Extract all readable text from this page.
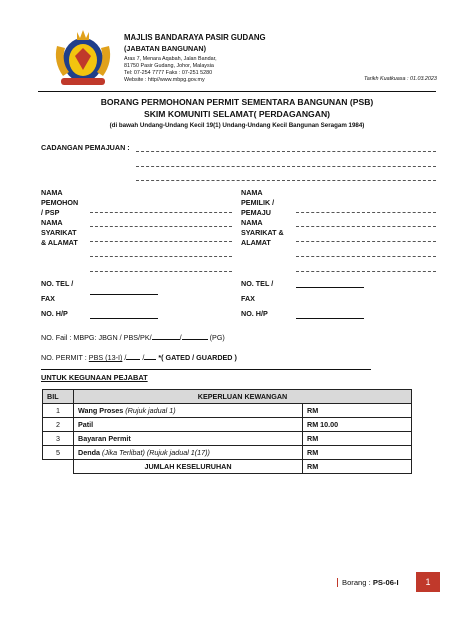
MAJLIS BANDARAYA PASIR GUDANG
(JABATAN BANGUNAN)
Aras 7, Menara Aqabah, Jalan Bandar,
81750 Pasir Gudang, Johor, Malaysia
Tel: 07-254 7777 Faks : 07-251 5280
Website : http//www.mbpg.gov.my	Tarikh Kuatkuasa : 01.03.2023
BORANG PERMOHONAN PERMIT SEMENTARA BANGUNAN (PSB)
SKIM KOMUNITI SELAMAT( PERDAGANGAN)
(di bawah Undang-Undang Kecil 19(1) Undang-Undang Kecil Bangunan Seragam 1984)
CADANGAN PEMAJUAN :
NAMA
PEMOHON
/ PSP
NAMA
SYARIKAT
& ALAMAT
NAMA
PEMILIK /
PEMAJU
NAMA
SYARIKAT &
ALAMAT
NO. TEL /
FAX
NO. H/P
NO. TEL /
FAX
NO. H/P
NO. Fail : MBPG: JBGN / PBS/PK/	/	(PG)
NO. PERMIT : PBS (13-I) / / *( GATED / GUARDED )
UNTUK KEGUNAAN PEJABAT
BIL	KEPERLUAN KEWANGAN	
1	Wang Proses (Rujuk jadual 1)	RM
2	Patil	RM 10.00
3	Bayaran Permit	RM
5	Denda (Jika Terlibat) (Rujuk jadual 1(17))	RM
	JUMLAH KESELURUHAN	RM
Borang : PS-06-I	1
